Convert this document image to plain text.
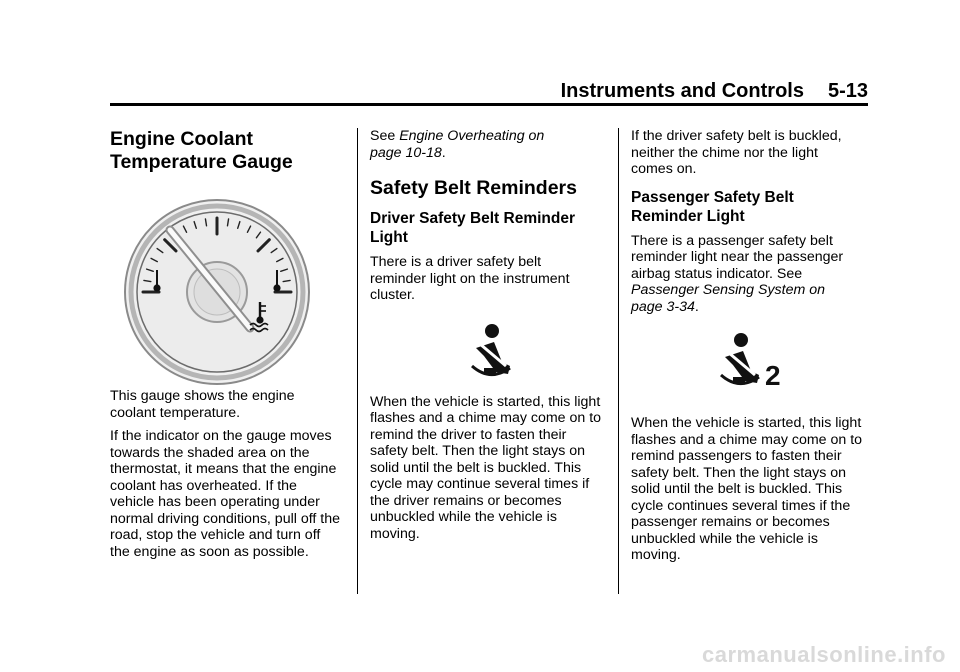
Instruments and Controls 5-13
Engine Coolant Temperature Gauge

This gauge shows the engine coolant temperature.

If the indicator on the gauge moves towards the shaded area on the thermostat, it means that the engine coolant has overheated. If the vehicle has been operating under normal driving conditions, pull off the road, stop the vehicle and turn off the engine as soon as possible.

See Engine Overheating on page 10-18.

Safety Belt Reminders
Driver Safety Belt Reminder Light

There is a driver safety belt reminder light on the instrument cluster.

When the vehicle is started, this light flashes and a chime may come on to remind the driver to fasten their safety belt. Then the light stays on solid until the belt is buckled. This cycle may continue several times if the driver remains or becomes unbuckled while the vehicle is moving.

If the driver safety belt is buckled, neither the chime nor the light comes on.

Passenger Safety Belt Reminder Light

There is a passenger safety belt reminder light near the passenger airbag status indicator. See Passenger Sensing System on page 3-34.

2

When the vehicle is started, this light flashes and a chime may come on to remind passengers to fasten their safety belt. Then the light stays on solid until the belt is buckled. This cycle continues several times if the passenger remains or becomes unbuckled while the vehicle is moving.

carmanualsonline.info
